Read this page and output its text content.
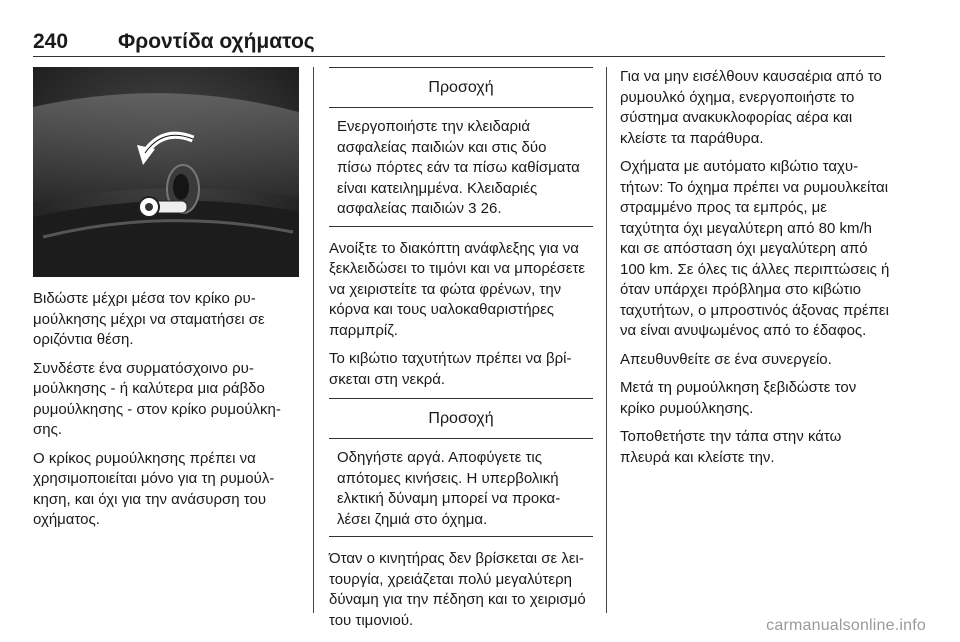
240 Φροντίδα οχήματος

Βιδώστε μέχρι μέσα τον κρίκο ρυμούλκησης μέχρι να σταματήσει σε οριζόντια θέση.

Συνδέστε ένα συρματόσχοινο ρυμούλκησης - ή καλύτερα μια ράβδο ρυμούλκησης - στον κρίκο ρυμούλκησης.

Ο κρίκος ρυμούλκησης πρέπει να χρησιμοποιείται μόνο για τη ρυμούλκηση, και όχι για την ανάσυρση του οχήματος.

Προσοχή
Ενεργοποιήστε την κλειδαριά ασφαλείας παιδιών και στις δύο πίσω πόρτες εάν τα πίσω καθίσματα είναι κατειλημμένα. Κλειδαριές ασφαλείας παιδιών 3 26.

Ανοίξτε το διακόπτη ανάφλεξης για να ξεκλειδώσει το τιμόνι και να μπορέσετε να χειριστείτε τα φώτα φρένων, την κόρνα και τους υαλοκαθαριστήρες παρμπρίζ.

Το κιβώτιο ταχυτήτων πρέπει να βρίσκεται στη νεκρά.

Προσοχή
Οδηγήστε αργά. Αποφύγετε τις απότομες κινήσεις. Η υπερβολική ελκτική δύναμη μπορεί να προκαλέσει ζημιά στο όχημα.

Όταν ο κινητήρας δεν βρίσκεται σε λειτουργία, χρειάζεται πολύ μεγαλύτερη δύναμη για την πέδηση και το χειρισμό του τιμονιού.

Για να μην εισέλθουν καυσαέρια από το ρυμουλκό όχημα, ενεργοποιήστε το σύστημα ανακυκλοφορίας αέρα και κλείστε τα παράθυρα.

Οχήματα με αυτόματο κιβώτιο ταχυτήτων: Το όχημα πρέπει να ρυμουλκείται στραμμένο προς τα εμπρός, με ταχύτητα όχι μεγαλύτερη από 80 km/h και σε απόσταση όχι μεγαλύτερη από 100 km. Σε όλες τις άλλες περιπτώσεις ή όταν υπάρχει πρόβλημα στο κιβώτιο ταχυτήτων, ο μπροστινός άξονας πρέπει να είναι ανυψωμένος από το έδαφος.

Απευθυνθείτε σε ένα συνεργείο.

Μετά τη ρυμούλκηση ξεβιδώστε τον κρίκο ρυμούλκησης.

Τοποθετήστε την τάπα στην κάτω πλευρά και κλείστε την.

carmanualsonline.info
